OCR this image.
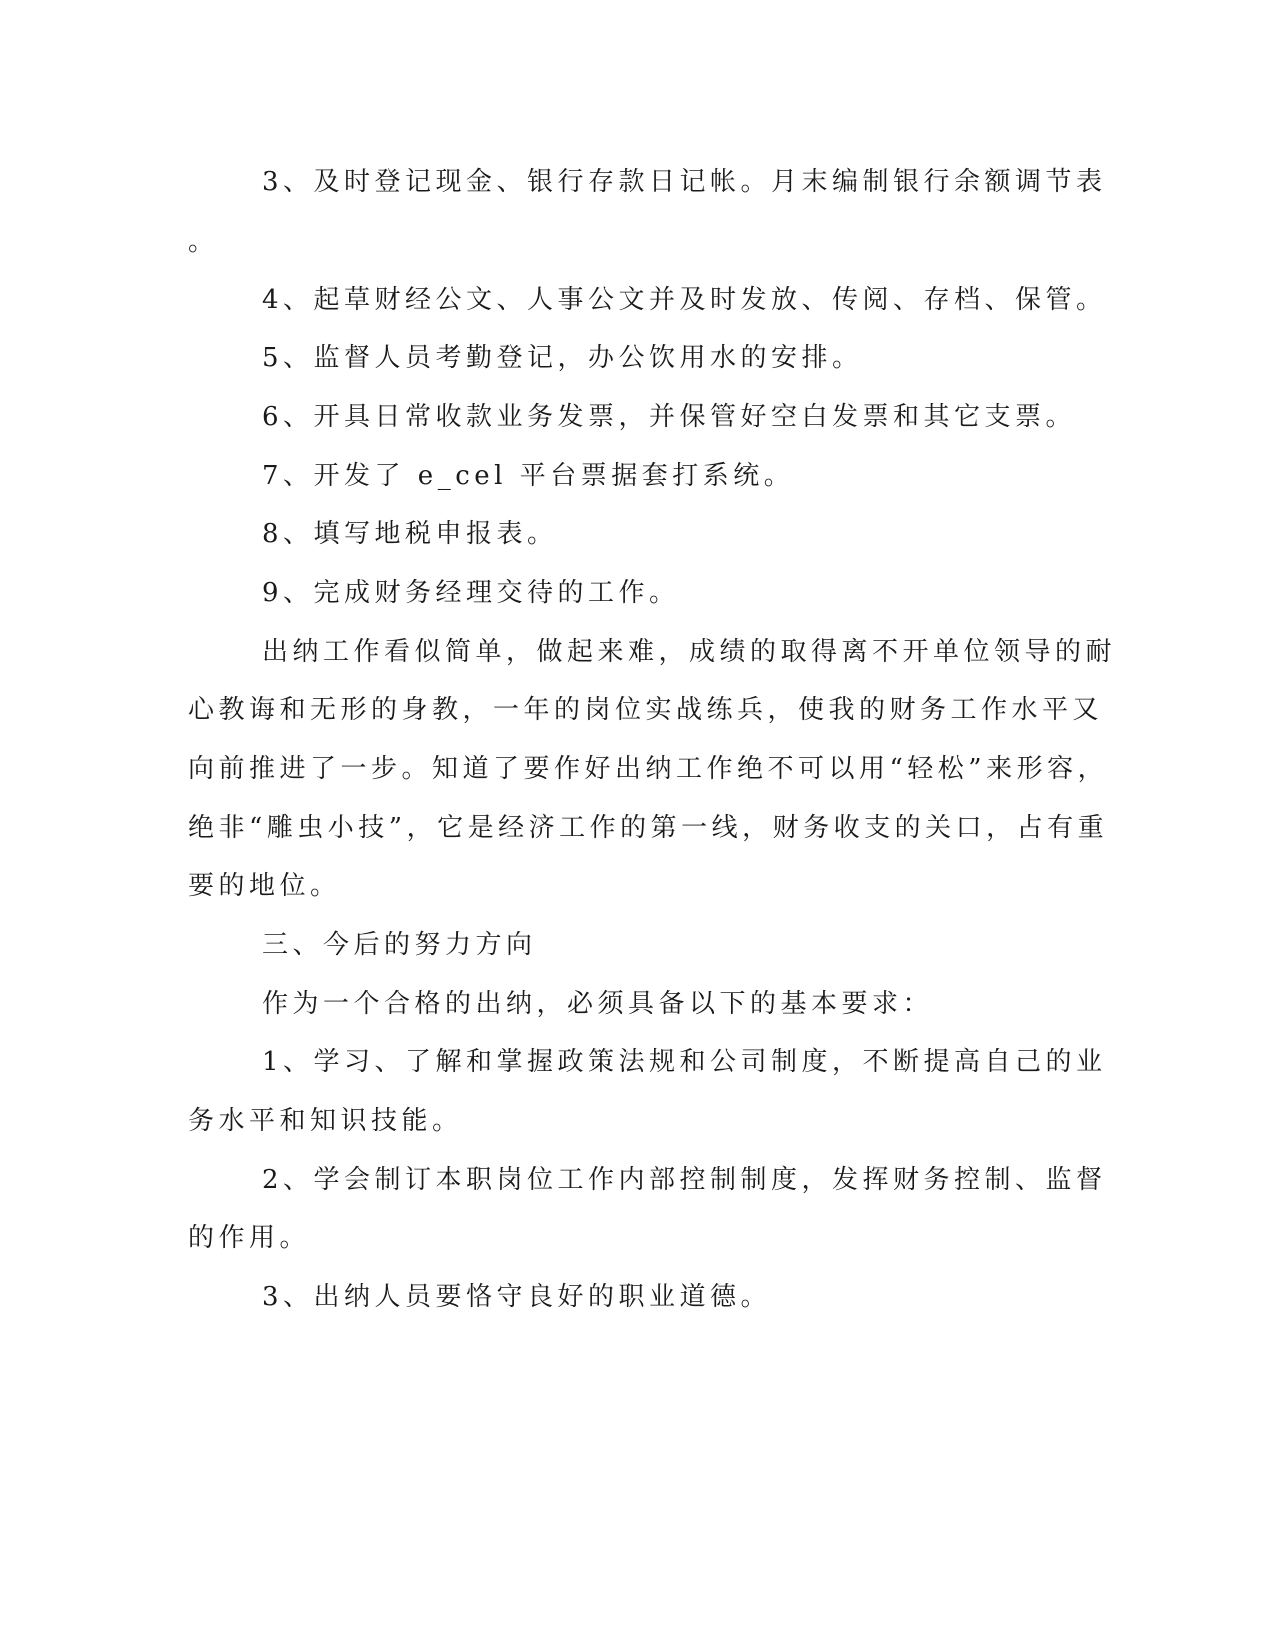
3、及时登记现金、银行存款日记帐。月末编制银行余额调节表

。

4、起草财经公文、人事公文并及时发放、传阅、存档、保管。

5、监督人员考勤登记，办公饮用水的安排。

6、开具日常收款业务发票，并保管好空白发票和其它支票。

7、开发了 e_cel 平台票据套打系统。

8、填写地税申报表。

9、完成财务经理交待的工作。

出纳工作看似简单，做起来难，成绩的取得离不开单位领导的耐

心教诲和无形的身教，一年的岗位实战练兵，使我的财务工作水平又

向前推进了一步。知道了要作好出纳工作绝不可以用“轻松”来形容，

绝非“雕虫小技”，它是经济工作的第一线，财务收支的关口，占有重

要的地位。

三、今后的努力方向

作为一个合格的出纳，必须具备以下的基本要求：

1、学习、了解和掌握政策法规和公司制度，不断提高自己的业

务水平和知识技能。

2、学会制订本职岗位工作内部控制制度，发挥财务控制、监督

的作用。

3、出纳人员要恪守良好的职业道德。
